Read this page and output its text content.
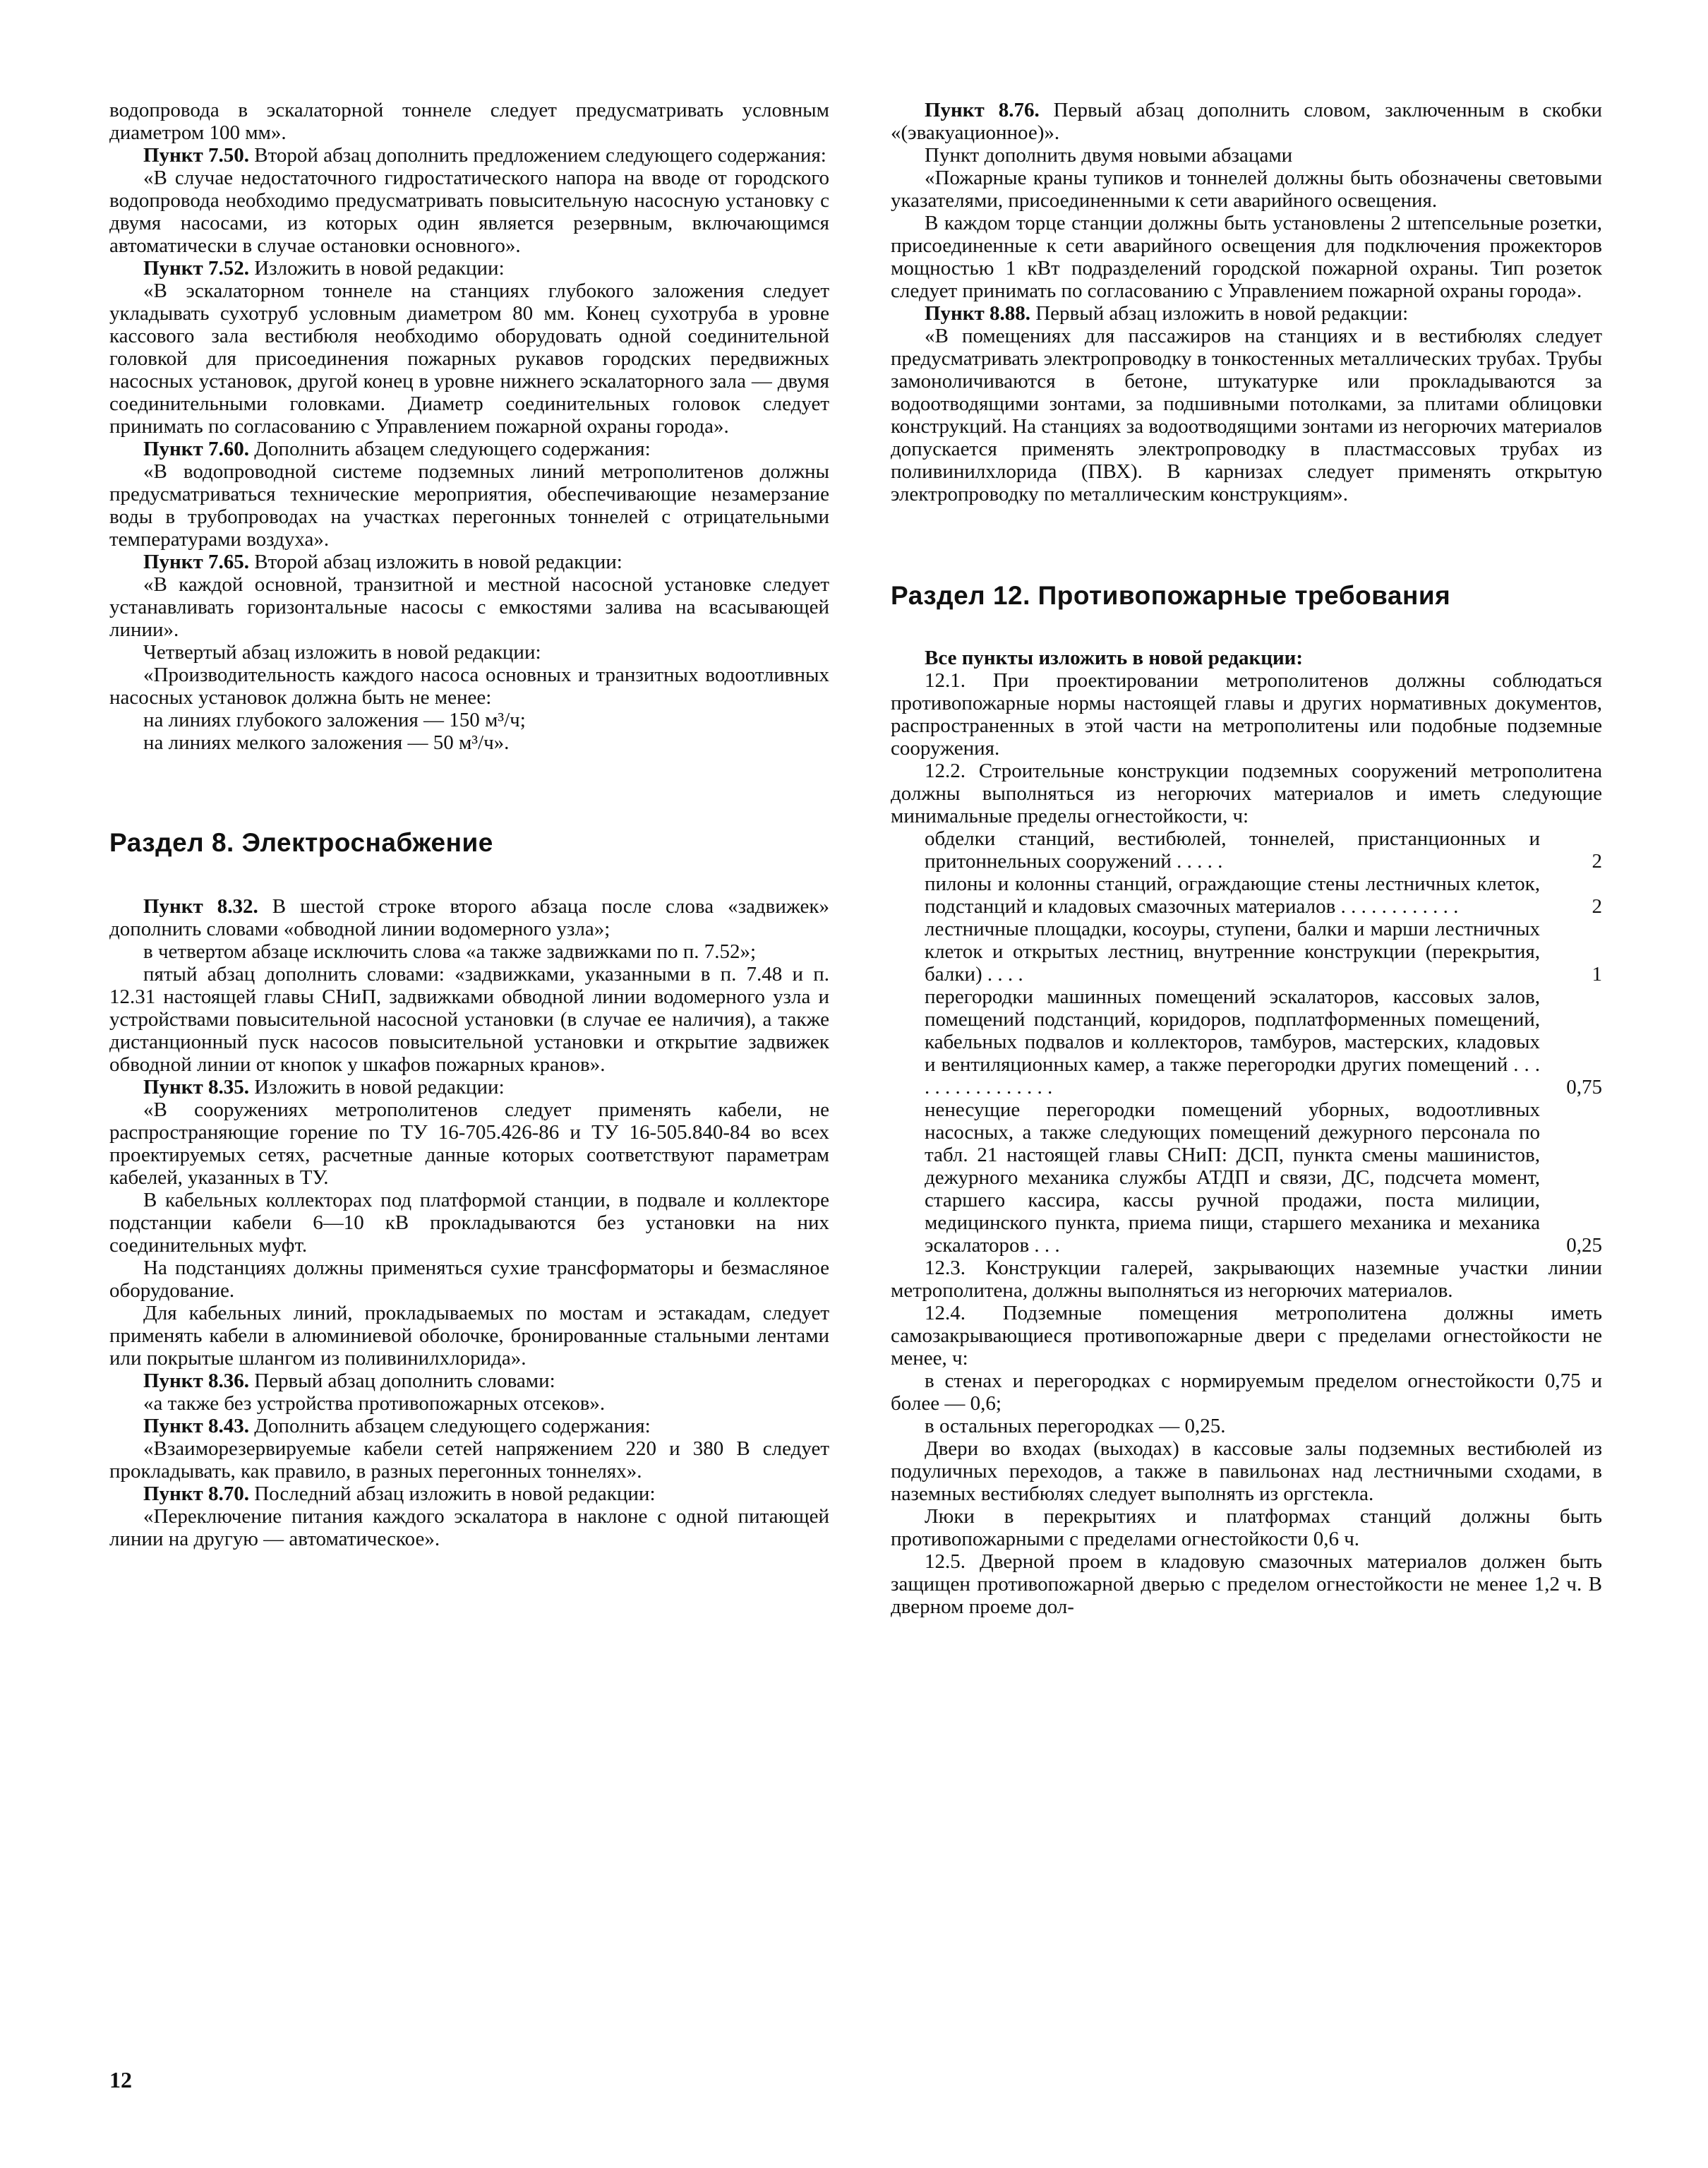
водопровода в эскалаторной тоннеле следует предусматривать условным диаметром 100 мм».

Пункт 7.50. Второй абзац дополнить предложением следующего содержания:

«В случае недостаточного гидростатического напора на вводе от городского водопровода необходимо предусматривать повысительную насосную установку с двумя насосами, из которых один является резервным, включающимся автоматически в случае остановки основного».

Пункт 7.52. Изложить в новой редакции:

«В эскалаторном тоннеле на станциях глубокого заложения следует укладывать сухотруб условным диаметром 80 мм. Конец сухотруба в уровне кассового зала вестибюля необходимо оборудовать одной соединительной головкой для присоединения пожарных рукавов городских передвижных насосных установок, другой конец в уровне нижнего эскалаторного зала — двумя соединительными головками. Диаметр соединительных головок следует принимать по согласованию с Управлением пожарной охраны города».

Пункт 7.60. Дополнить абзацем следующего содержания:

«В водопроводной системе подземных линий метрополитенов должны предусматриваться технические мероприятия, обеспечивающие незамерзание воды в трубопроводах на участках перегонных тоннелей с отрицательными температурами воздуха».

Пункт 7.65. Второй абзац изложить в новой редакции:

«В каждой основной, транзитной и местной насосной установке следует устанавливать горизонтальные насосы с емкостями залива на всасывающей линии».

Четвертый абзац изложить в новой редакции:

«Производительность каждого насоса основных и транзитных водоотливных насосных установок должна быть не менее:

на линиях глубокого заложения — 150 м³/ч;

на линиях мелкого заложения — 50 м³/ч».

Раздел 8. Электроснабжение

Пункт 8.32. В шестой строке второго абзаца после слова «задвижек» дополнить словами «обводной линии водомерного узла»;

в четвертом абзаце исключить слова «а также задвижками по п. 7.52»;

пятый абзац дополнить словами: «задвижками, указанными в п. 7.48 и п. 12.31 настоящей главы СНиП, задвижками обводной линии водомерного узла и устройствами повысительной насосной установки (в случае ее наличия), а также дистанционный пуск насосов повысительной установки и открытие задвижек обводной линии от кнопок у шкафов пожарных кранов».

Пункт 8.35. Изложить в новой редакции:

«В сооружениях метрополитенов следует применять кабели, не распространяющие горение по ТУ 16-705.426-86 и ТУ 16-505.840-84 во всех проектируемых сетях, расчетные данные которых соответствуют параметрам кабелей, указанных в ТУ.

В кабельных коллекторах под платформой станции, в подвале и коллекторе подстанции кабели 6—10 кВ прокладываются без установки на них соединительных муфт.

На подстанциях должны применяться сухие трансформаторы и безмасляное оборудование.

Для кабельных линий, прокладываемых по мостам и эстакадам, следует применять кабели в алюминиевой оболочке, бронированные стальными лентами или покрытые шлангом из поливинилхлорида».

Пункт 8.36. Первый абзац дополнить словами:

«а также без устройства противопожарных отсеков».

Пункт 8.43. Дополнить абзацем следующего содержания:

«Взаиморезервируемые кабели сетей напряжением 220 и 380 В следует прокладывать, как правило, в разных перегонных тоннелях».

Пункт 8.70. Последний абзац изложить в новой редакции:

«Переключение питания каждого эскалатора в наклоне с одной питающей линии на другую — автоматическое».

Пункт 8.76. Первый абзац дополнить словом, заключенным в скобки «(эвакуационное)».

Пункт дополнить двумя новыми абзацами

«Пожарные краны тупиков и тоннелей должны быть обозначены световыми указателями, присоединенными к сети аварийного освещения.

В каждом торце станции должны быть установлены 2 штепсельные розетки, присоединенные к сети аварийного освещения для подключения прожекторов мощностью 1 кВт подразделений городской пожарной охраны. Тип розеток следует принимать по согласованию с Управлением пожарной охраны города».

Пункт 8.88. Первый абзац изложить в новой редакции:

«В помещениях для пассажиров на станциях и в вестибюлях следует предусматривать электропроводку в тонкостенных металлических трубах. Трубы замоноличиваются в бетоне, штукатурке или прокладываются за водоотводящими зонтами, за подшивными потолками, за плитами облицовки конструкций. На станциях за водоотводящими зонтами из негорючих материалов допускается применять электропроводку в пластмассовых трубах из поливинилхлорида (ПВХ). В карнизах следует применять открытую электропроводку по металлическим конструкциям».

Раздел 12. Противопожарные требования

Все пункты изложить в новой редакции:

12.1. При проектировании метрополитенов должны соблюдаться противопожарные нормы настоящей главы и других нормативных документов, распространенных в этой части на метрополитены или подобные подземные сооружения.

12.2. Строительные конструкции подземных сооружений метрополитена должны выполняться из негорючих материалов и иметь следующие минимальные пределы огнестойкости, ч:

обделки станций, вестибюлей, тоннелей, пристанционных и притоннельных сооружений . . . . .	2
пилоны и колонны станций, ограждающие стены лестничных клеток, подстанций и кладовых смазочных материалов . . . . . . . . . . . .	2
лестничные площадки, косоуры, ступени, балки и марши лестничных клеток и открытых лестниц, внутренние конструкции (перекрытия, балки) . . . .	1
перегородки машинных помещений эскалаторов, кассовых залов, помещений подстанций, коридоров, подплатформенных помещений, кабельных подвалов и коллекторов, тамбуров, мастерских, кладовых и вентиляционных камер, а также перегородки других помещений . . . . . . . . . . . . . . . .	0,75
ненесущие перегородки помещений уборных, водоотливных насосных, а также следующих помещений дежурного персонала по табл. 21 настоящей главы СНиП: ДСП, пункта смены машинистов, дежурного механика службы АТДП и связи, ДС, подсчета момент, старшего кассира, кассы ручной продажи, поста милиции, медицинского пункта, приема пищи, старшего механика и механика эскалаторов . . .	0,25

12.3. Конструкции галерей, закрывающих наземные участки линии метрополитена, должны выполняться из негорючих материалов.

12.4. Подземные помещения метрополитена должны иметь самозакрывающиеся противопожарные двери с пределами огнестойкости не менее, ч:

в стенах и перегородках с нормируемым пределом огнестойкости 0,75 и более — 0,6;

в остальных перегородках — 0,25.

Двери во входах (выходах) в кассовые залы подземных вестибюлей из подуличных переходов, а также в павильонах над лестничными сходами, в наземных вестибюлях следует выполнять из оргстекла.

Люки в перекрытиях и платформах станций должны быть противопожарными с пределами огнестойкости 0,6 ч.

12.5. Дверной проем в кладовую смазочных материалов должен быть защищен противопожарной дверью с пределом огнестойкости не менее 1,2 ч. В дверном проеме дол-

12
